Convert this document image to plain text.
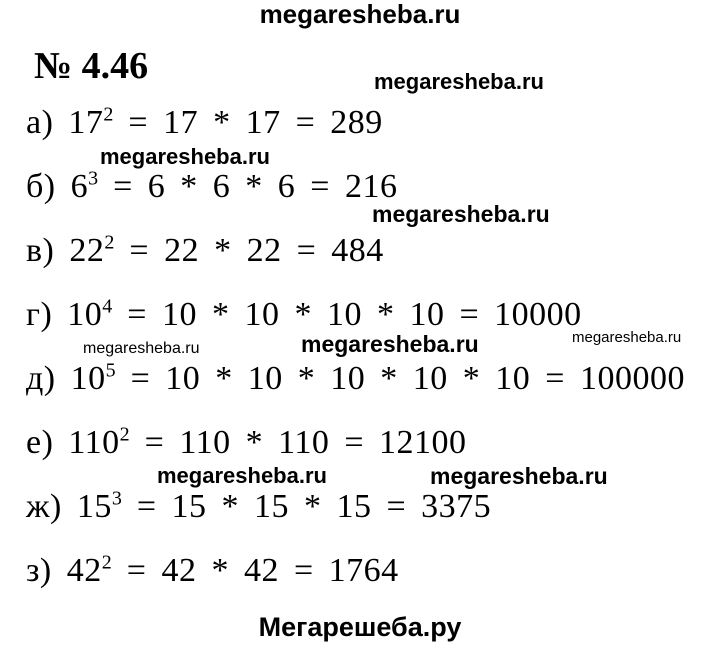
megaresheba.ru
megaresheba.ru
megaresheba.ru
megaresheba.ru
megaresheba.ru	megaresheba.ru	megaresheba.ru
megaresheba.ru	megaresheba.ru
№ 4.46
а) $17^2 = 17 * 17 = 289$
б) $6^3 = 6 * 6 * 6 = 216$
в) $22^2 = 22 * 22 = 484$
г) $10^4 = 10 * 10 * 10 * 10 = 10000$
д) $10^5 = 10 * 10 * 10 * 10 * 10 = 100000$
е) $110^2 = 110 * 110 = 12100$
ж) $15^3 = 15 * 15 * 15 = 3375$
з) $42^2 = 42 * 42 = 1764$
Мегарешеба.ру
